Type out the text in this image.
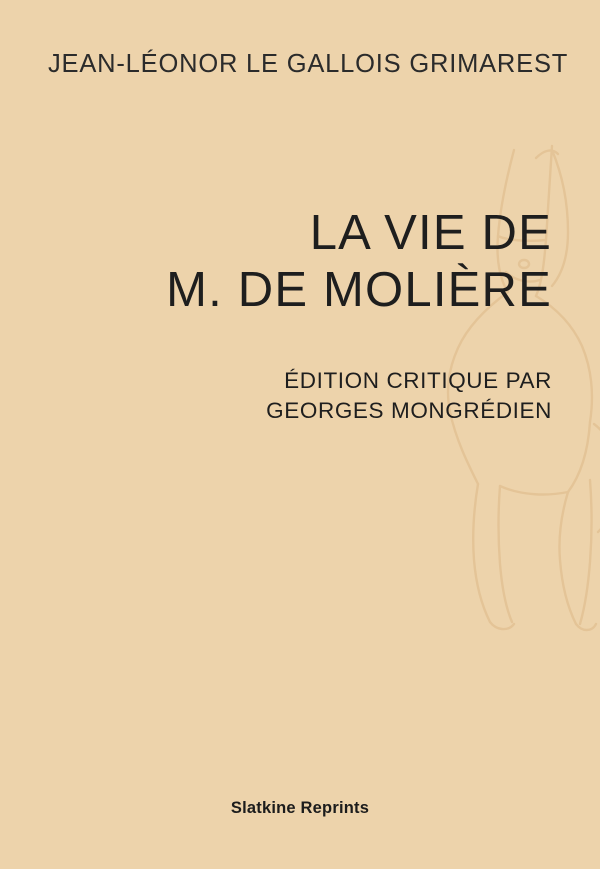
JEAN-LÉONOR LE GALLOIS GRIMAREST
LA VIE DE
M. DE MOLIÈRE
ÉDITION CRITIQUE PAR
GEORGES MONGRÉDIEN
Slatkine Reprints
